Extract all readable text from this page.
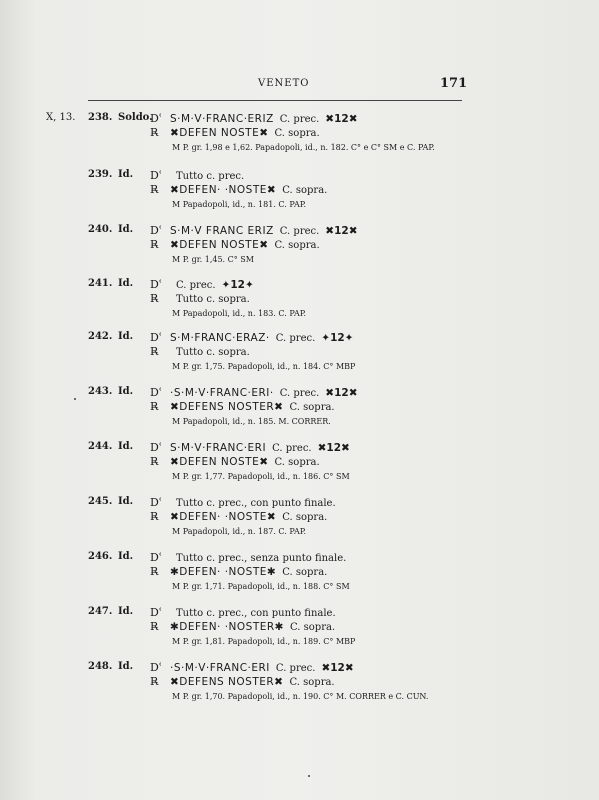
VENETO	171
X, 13. 238. Soldo.
Dʿ S·M·V·FRANC·ERIZ C. prec. ✖12✖
R̶ ✖DEFEN NOSTE✖ C. sopra.
M P. gr. 1,98 e 1,62. Papadopoli, id., n. 182. C° e C° SM e C. PAP.
239. Id. Dʿ Tutto c. prec.
R̶ ✖DEFEN· ·NOSTE✖ C. sopra.
M Papadopoli, id., n. 181. C. PAP.
240. Id. Dʿ S·M·V FRANC ERIZ C. prec. ✖12✖
R̶ ✖DEFEN NOSTE✖ C. sopra.
M P. gr. 1,45. C° SM
241. Id. Dʿ C. prec. ✦12✦
R̶ Tutto c. sopra.
M Papadopoli, id., n. 183. C. PAP.
242. Id. Dʿ S·M·FRANC·ERAZ· C. prec. ✦12✦
R̶ Tutto c. sopra.
M P. gr. 1,75. Papadopoli, id., n. 184. C° MBP
243. Id. Dʿ ·S·M·V·FRANC·ERI· C. prec. ✖12✖
R̶ ✖DEFENS NOSTER✖ C. sopra.
M Papadopoli, id., n. 185. M. CORRER.
244. Id. Dʿ S·M·V·FRANC·ERI C. prec. ✖12✖
R̶ ✖DEFEN NOSTE✖ C. sopra.
M P. gr. 1,77. Papadopoli, id., n. 186. C° SM
245. Id. Dʿ Tutto c. prec., con punto finale.
R̶ ✖DEFEN· ·NOSTE✖ C. sopra.
M Papadopoli, id., n. 187. C. PAP.
246. Id. Dʿ Tutto c. prec., senza punto finale.
R̶ ✱DEFEN· ·NOSTE✱ C. sopra.
M P. gr. 1,71. Papadopoli, id., n. 188. C° SM
247. Id. Dʿ Tutto c. prec., con punto finale.
R̶ ✱DEFEN· ·NOSTER✱ C. sopra.
M P. gr. 1,81. Papadopoli, id., n. 189. C° MBP
248. Id. Dʿ ·S·M·V·FRANC·ERI C. prec. ✖12✖
R̶ ✖DEFENS NOSTER✖ C. sopra.
M P. gr. 1,70. Papadopoli, id., n. 190. C° M. CORRER e C. CUN.
